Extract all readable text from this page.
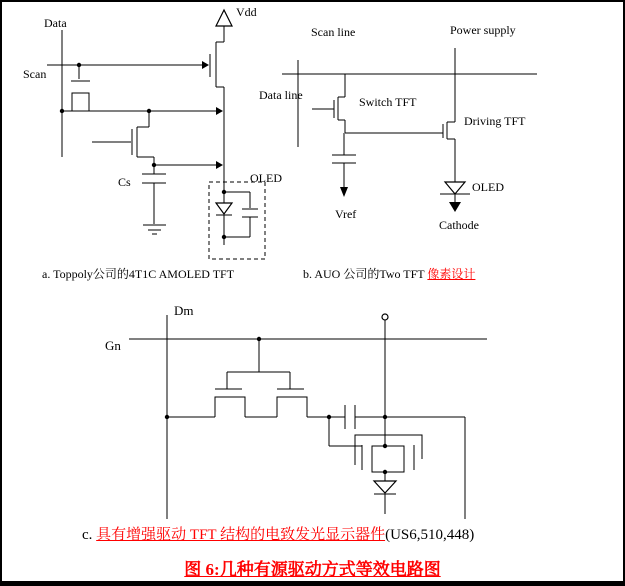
Data
Scan
Vdd
Cs	OLED
Scan line	Power supply
Data line	Switch TFT
Driving TFT
Vref
OLED
Cathode
Dm
Gn
a. Toppoly公司的4T1C AMOLED TFT	b. AUO 公司的Two TFT 像素设计
c. 具有增强驱动 TFT 结构的电致发光显示器件(US6,510,448)
图 6:几种有源驱动方式等效电路图
